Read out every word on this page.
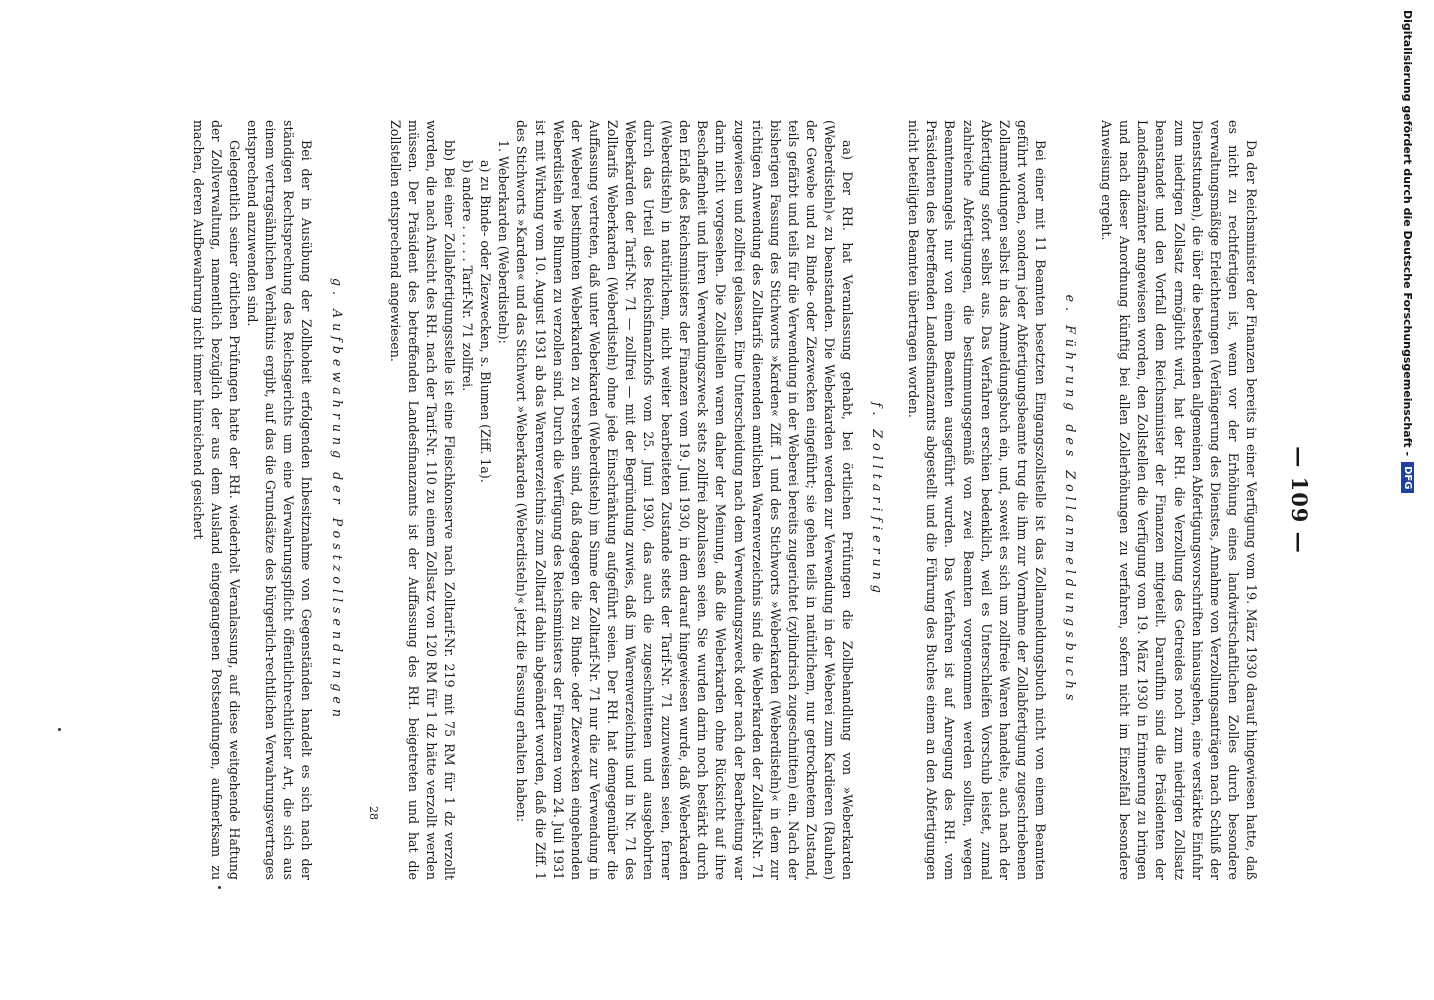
— 109 —

Da der Reichsminister der Finanzen bereits in einer Verfügung vom 19. März 1930 darauf hingewiesen hatte, daß es nicht zu rechtfertigen ist, wenn vor der Erhöhung eines landwirtschaftlichen Zolles durch besondere verwaltungsmäßige Erleichterungen (Verlängerung des Dienstes, Annahme von Verzollungsanträgen nach Schluß der Dienststunden), die über die bestehenden allgemeinen Abfertigungsvorschriften hinausgehen, eine verstärkte Einfuhr zum niedrigen Zollsatz ermöglicht wird, hat der RH. die Verzollung des Getreides noch zum niedrigen Zollsatz beanstandet und den Vorfall dem Reichsminister der Finanzen mitgeteilt. Daraufhin sind die Präsidenten der Landesfinanzämter angewiesen worden, den Zollstellen die Verfügung vom 19. März 1930 in Erinnerung zu bringen und nach dieser Anordnung künftig bei allen Zollerhöhungen zu verfahren, sofern nicht im Einzelfall besondere Anweisung ergeht.

e. Führung des Zollanmeldungsbuchs

Bei einer mit 11 Beamten besetzten Eingangszollstelle ist das Zollanmeldungsbuch nicht von einem Beamten geführt worden, sondern jeder Abfertigungsbeamte trug die ihm zur Vornahme der Zollabfertigung zugeschriebenen Zollanmeldungen selbst in das Anmeldungsbuch ein, und, soweit es sich um zollfreie Waren handelte, auch nach der Abfertigung sofort selbst aus. Das Verfahren erschien bedenklich, weil es Unterschleifen Vorschub leistet, zumal zahlreiche Abfertigungen, die bestimmungsgemäß von zwei Beamten vorgenommen werden sollten, wegen Beamtenmangels nur von einem Beamten ausgeführt wurden. Das Verfahren ist auf Anregung des RH. vom Präsidenten des betreffenden Landesfinanzamts abgestellt und die Führung des Buches einem an den Abfertigungen nicht beteiligten Beamten übertragen worden.

f. Zolltarifierung

aa) Der RH. hat Veranlassung gehabt, bei örtlichen Prüfungen die Zollbehandlung von »Weberkarden (Weberdisteln)« zu beanstanden. Die Weberkarden werden zur Verwendung in der Weberei zum Kardieren (Rauhen) der Gewebe und zu Binde- oder Ziezwecken eingeführt; sie gehen teils in natürlichem, nur getrocknetem Zustand, teils gefärbt und teils für die Verwendung in der Weberei bereits zugerichtet (zylindrisch zugeschnitten) ein. Nach der bisherigen Fassung des Stichworts »Karden« Ziff. 1 und des Stichworts »Weberkarden (Weberdisteln)« in dem zur richtigen Anwendung des Zolltarifs dienenden amtlichen Warenverzeichnis sind die Weberkarden der Zolltarif-Nr. 71 zugewiesen und zollfrei gelassen. Eine Unterscheidung nach dem Verwendungszweck oder nach der Bearbeitung war darin nicht vorgesehen. Die Zollstellen waren daher der Meinung, daß die Weberkarden ohne Rücksicht auf ihre Beschaffenheit und ihren Verwendungszweck stets zollfrei abzulassen seien. Sie wurden darin noch bestärkt durch den Erlaß des Reichsministers der Finanzen vom 19. Juni 1930, in dem darauf hingewiesen wurde, daß Weberkarden (Weberdisteln) in natürlichem, nicht weiter bearbeiteten Zustande stets der Tarif-Nr. 71 zuzuweisen seien, ferner durch das Urteil des Reichsfinanzhofs vom 25. Juni 1930, das auch die zugeschnittenen und ausgebohrten Weberkarden der Tarif-Nr. 71 — zollfrei — mit der Begründung zuwies, daß im Warenverzeichnis und in Nr. 71 des Zolltarifs Weberkarden (Weberdisteln) ohne jede Einschränkung aufgeführt seien. Der RH. hat demgegenüber die Auffassung vertreten, daß unter Weberkarden (Weberdisteln) im Sinne der Zolltarif-Nr. 71 nur die zur Verwendung in der Weberei bestimmten Weberkarden zu verstehen sind, daß dagegen die zu Binde- oder Ziezwecken eingehenden Weberdisteln wie Blumen zu verzollen sind. Durch die Verfügung des Reichsministers der Finanzen vom 24. Juli 1931 ist mit Wirkung vom 10. August 1931 ab das Warenverzeichnis zum Zolltarif dahin abgeändert worden, daß die Ziff. 1 des Stichworts »Karden« und das Stichwort »Weberkarden (Weberdisteln)« jetzt die Fassung erhalten haben:

1. Weberkarden (Weberdisteln):
a) zu Binde- oder Ziezwecken, s. Blumen (Ziff. 1a).
b) andere . . . . . Tarif-Nr. 71 zollfrei.

bb) Bei einer Zollabfertigungsstelle ist eine Fleischkonserve nach Zolltarif-Nr. 219 mit 75 RM für 1 dz verzollt worden, die nach Ansicht des RH. nach der Tarif-Nr. 110 zu einem Zollsatz von 120 RM für 1 dz hätte verzollt werden müssen. Der Präsident des betreffenden Landesfinanzamts ist der Auffassung des RH. beigetreten und hat die Zollstellen entsprechend angewiesen.

28
g. Aufbewahrung der Postzollsendungen

Bei der in Ausübung der Zollhoheit erfolgenden Inbesitznahme von Gegenständen handelt es sich nach der ständigen Rechtsprechung des Reichsgerichts um eine Verwahrungspflicht öffentlichrechtlicher Art, die sich aus einem vertragsähnlichen Verhältnis ergibt, auf das die Grundsätze des bürgerlich-rechtlichen Verwahrungsvertrages entsprechend anzuwenden sind.

Gelegentlich seiner örtlichen Prüfungen hatte der RH. wiederholt Veranlassung, auf diese weitgehende Haftung der Zollverwaltung, namentlich bezüglich der aus dem Ausland eingegangenen Postsendungen, aufmerksam zu machen, deren Aufbewahrung nicht immer hinreichend gesichert	Digitalisierung gefördert durch die Deutsche Forschungsgemeinschaft -
DFG
